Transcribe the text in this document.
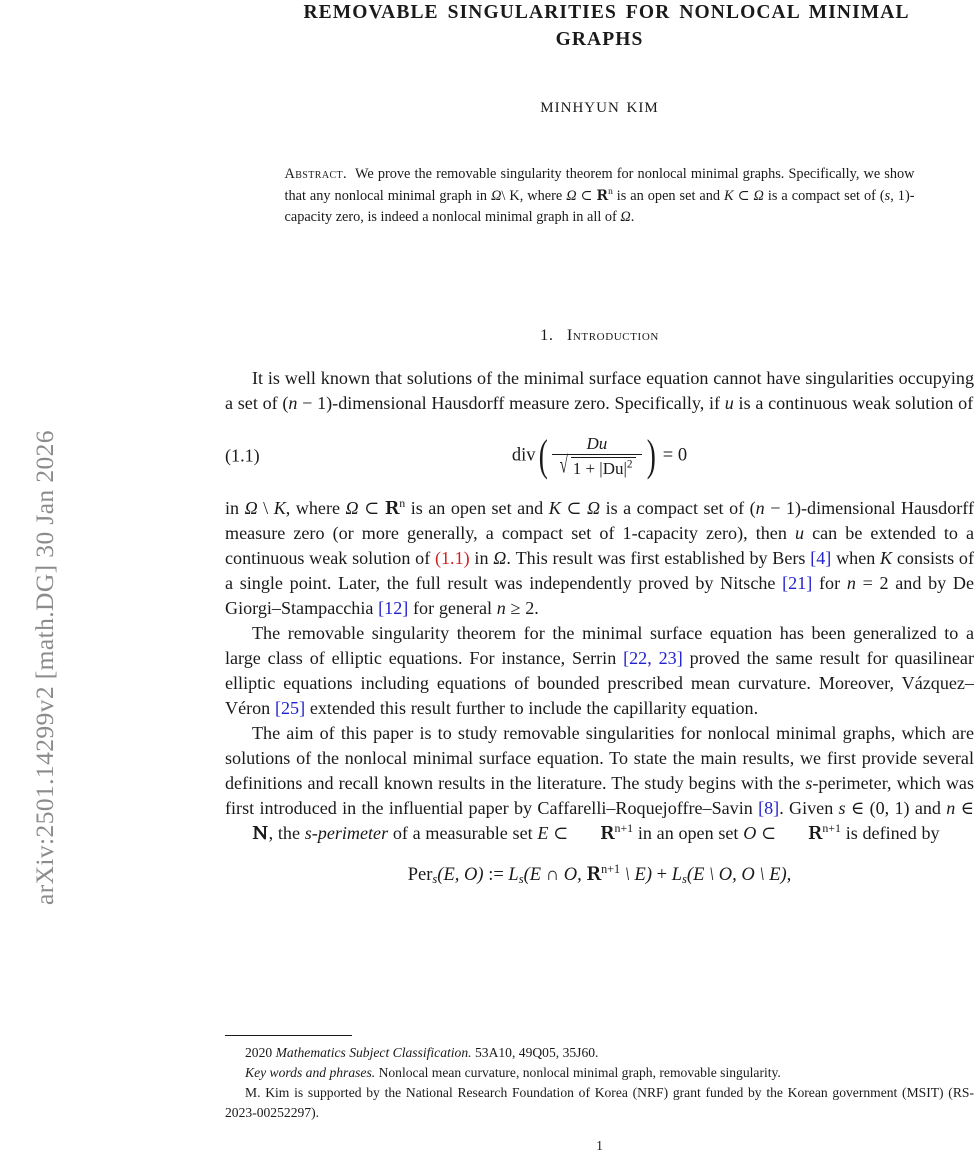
arXiv:2501.14299v2 [math.DG] 30 Jan 2026
REMOVABLE SINGULARITIES FOR NONLOCAL MINIMAL
GRAPHS
MINHYUN KIM
Abstract. We prove the removable singularity theorem for nonlocal minimal graphs. Specifically, we show that any nonlocal minimal graph in Ω\ K, where Ω ⊂ $R^n$ is an open set and K ⊂ Ω is a compact set of (s, 1)-capacity zero, is indeed a nonlocal minimal graph in all of Ω.
1. Introduction

It is well known that solutions of the minimal surface equation cannot have singularities occupying a set of (n − 1)-dimensional Hausdorff measure zero. Specifically, if u is a continuous weak solution of

(1.1)	$div( \frac{Du}{√ 1 + |Du|^2}$ ) = 0

in Ω \ K, where Ω ⊂ $R^n$ is an open set and K ⊂ Ω is a compact set of (n − 1)-dimensional Hausdorff measure zero (or more generally, a compact set of 1-capacity zero), then u can be extended to a continuous weak solution of (1.1) in Ω. This result was first established by Bers [4] when K consists of a single point. Later, the full result was independently proved by Nitsche [21] for n = 2 and by De Giorgi–Stampacchia [12] for general n ≥ 2.

The removable singularity theorem for the minimal surface equation has been generalized to a large class of elliptic equations. For instance, Serrin [22, 23] proved the same result for quasilinear elliptic equations including equations of bounded prescribed mean curvature. Moreover, Vázquez–Véron [25] extended this result further to include the capillarity equation.

The aim of this paper is to study removable singularities for nonlocal minimal graphs, which are solutions of the nonlocal minimal surface equation. To state the main results, we first provide several definitions and recall known results in the literature. The study begins with the s-perimeter, which was first introduced in the influential paper by Caffarelli–Roquejoffre–Savin [8]. Given s ∈ (0, 1) and n ∈ N, the s-perimeter of a measurable set E ⊂ $R^{n+1}$ in an open set O ⊂ $R^{n+1}$ is defined by

Per$_s$(E, O) := $L_s(E$ ∩ O, $R^{n+1}$ \ $E) + L_s(E$ \ O, O \ E),

2020 Mathematics Subject Classification. 53A10, 49Q05, 35J60.

Key words and phrases. Nonlocal mean curvature, nonlocal minimal graph, removable singularity.

M. Kim is supported by the National Research Foundation of Korea (NRF) grant funded by the Korean government (MSIT) (RS-2023-00252297).

1
